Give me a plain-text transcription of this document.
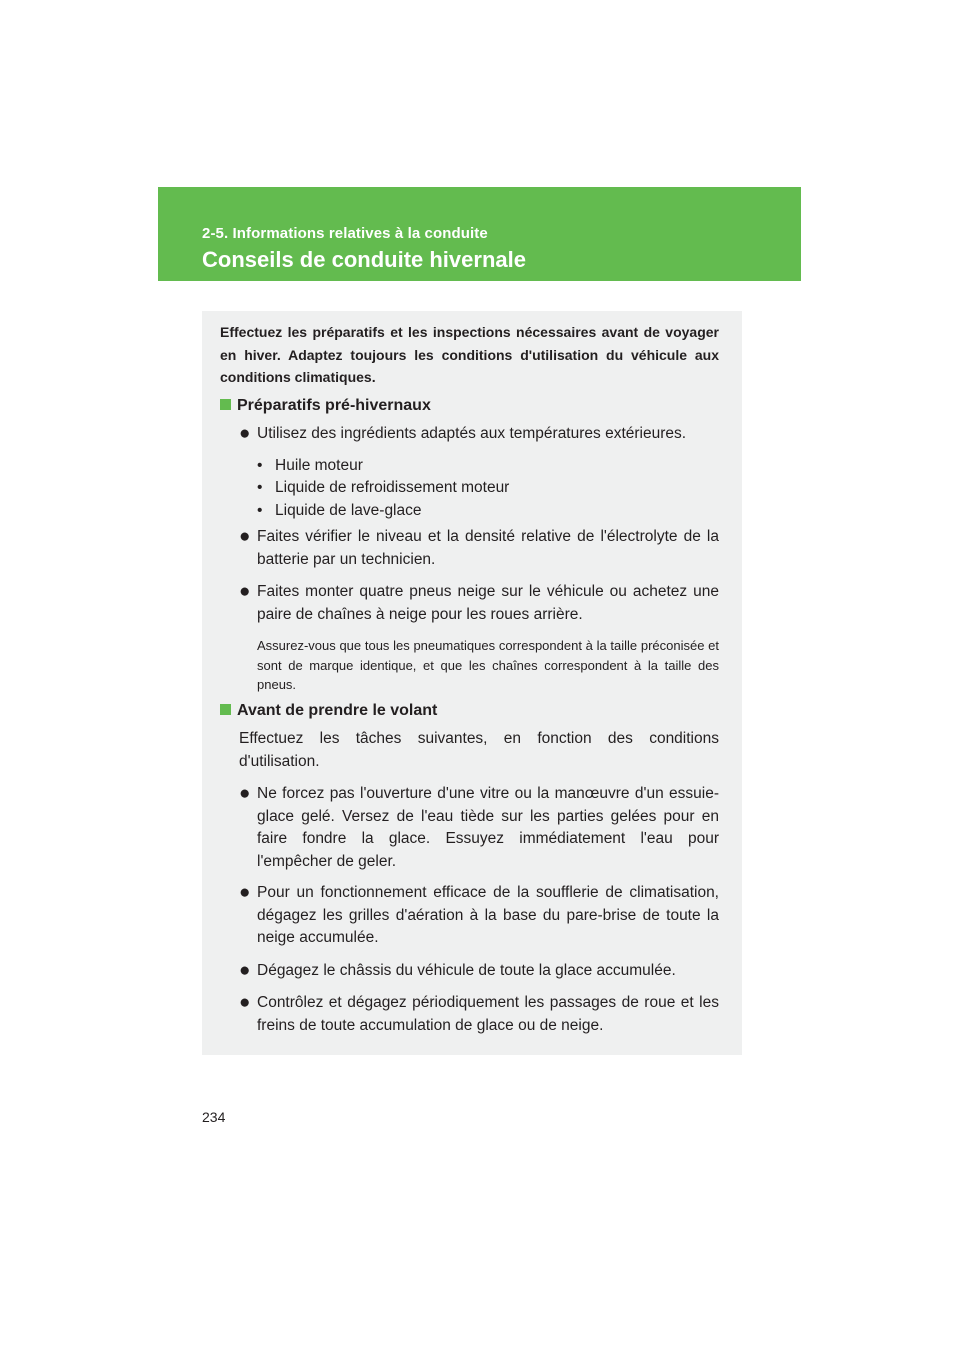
2-5. Informations relatives à la conduite
Conseils de conduite hivernale
Effectuez les préparatifs et les inspections nécessaires avant de voyager en hiver. Adaptez toujours les conditions d'utilisation du véhicule aux conditions climatiques.
Préparatifs pré-hivernaux
● Utilisez des ingrédients adaptés aux températures extérieures.
• Huile moteur
• Liquide de refroidissement moteur
• Liquide de lave-glace
● Faites vérifier le niveau et la densité relative de l'électrolyte de la batterie par un technicien.
● Faites monter quatre pneus neige sur le véhicule ou achetez une paire de chaînes à neige pour les roues arrière.
Assurez-vous que tous les pneumatiques correspondent à la taille préconisée et sont de marque identique, et que les chaînes correspondent à la taille des pneus.
Avant de prendre le volant
Effectuez les tâches suivantes, en fonction des conditions d'utilisation.
● Ne forcez pas l'ouverture d'une vitre ou la manœuvre d'un essuie-glace gelé. Versez de l'eau tiède sur les parties gelées pour en faire fondre la glace. Essuyez immédiatement l'eau pour l'empêcher de geler.
● Pour un fonctionnement efficace de la soufflerie de climatisation, dégagez les grilles d'aération à la base du pare-brise de toute la neige accumulée.
● Dégagez le châssis du véhicule de toute la glace accumulée.
● Contrôlez et dégagez périodiquement les passages de roue et les freins de toute accumulation de glace ou de neige.
234
